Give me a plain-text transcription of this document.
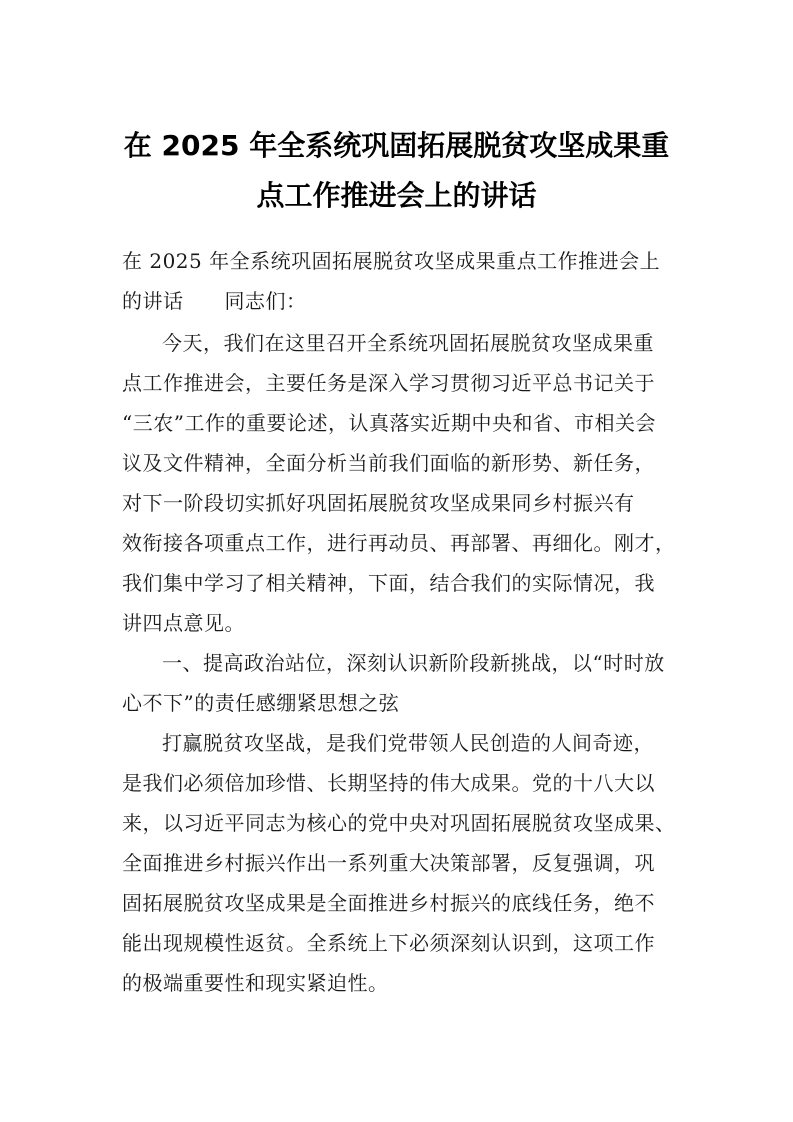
在 2025 年全系统巩固拓展脱贫攻坚成果重
点工作推进会上的讲话

在 2025 年全系统巩固拓展脱贫攻坚成果重点工作推进会上

的讲话　　同志们：

今天，我们在这里召开全系统巩固拓展脱贫攻坚成果重

点工作推进会，主要任务是深入学习贯彻习近平总书记关于

“三农”工作的重要论述，认真落实近期中央和省、市相关会

议及文件精神，全面分析当前我们面临的新形势、新任务，

对下一阶段切实抓好巩固拓展脱贫攻坚成果同乡村振兴有

效衔接各项重点工作，进行再动员、再部署、再细化。刚才，

我们集中学习了相关精神，下面，结合我们的实际情况，我

讲四点意见。

一、提高政治站位，深刻认识新阶段新挑战，以“时时放

心不下”的责任感绷紧思想之弦

打赢脱贫攻坚战，是我们党带领人民创造的人间奇迹，

是我们必须倍加珍惜、长期坚持的伟大成果。党的十八大以

来，以习近平同志为核心的党中央对巩固拓展脱贫攻坚成果、

全面推进乡村振兴作出一系列重大决策部署，反复强调，巩

固拓展脱贫攻坚成果是全面推进乡村振兴的底线任务，绝不

能出现规模性返贫。全系统上下必须深刻认识到，这项工作

的极端重要性和现实紧迫性。
